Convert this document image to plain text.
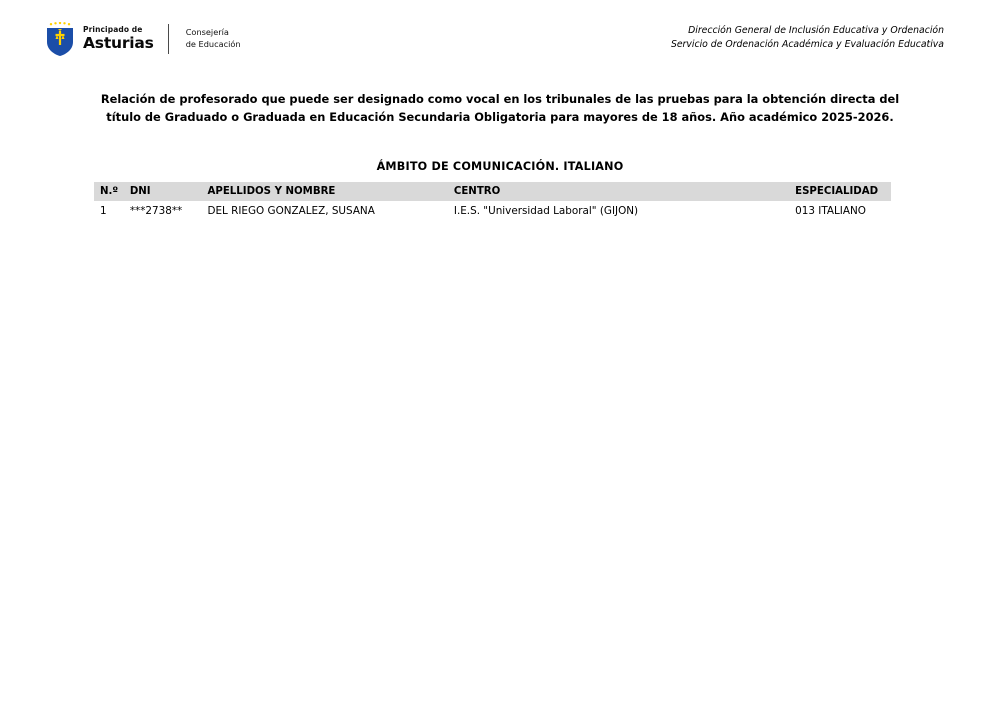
Principado de
Asturias
Consejería
de Educación
Dirección General de Inclusión Educativa y Ordenación
Servicio de Ordenación Académica y Evaluación Educativa
Relación de profesorado que puede ser designado como vocal en los tribunales de las pruebas para la obtención directa del
título de Graduado o Graduada en Educación Secundaria Obligatoria para mayores de 18 años. Año académico 2025-2026.
ÁMBITO DE COMUNICACIÓN. ITALIANO
N.º	DNI	APELLIDOS Y NOMBRE	CENTRO	ESPECIALIDAD
1	***2738**	DEL RIEGO GONZALEZ, SUSANA	I.E.S. "Universidad Laboral" (GIJON)	013 ITALIANO
